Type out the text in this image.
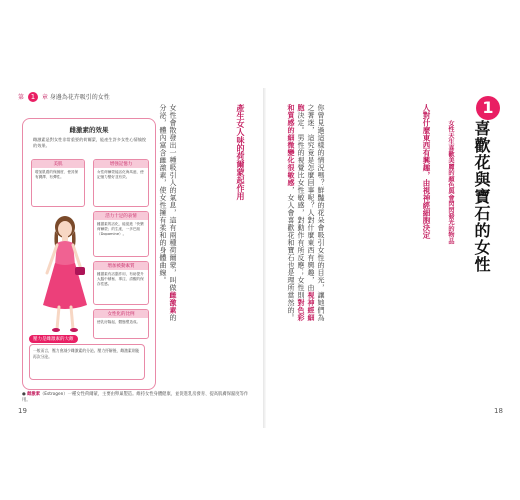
第 1 章 身邊為花卉吸引的女性
雌激素的效果
雌激素是對女性非常重要的荷爾蒙，能產生許多女性心情愉悅的效果。
美肌
增加肌膚的保濕度、使其保有潤澤、有彈性。
增強記憶力
女性荷爾蒙能活化海馬迴，使記憶力變好並有效。
活力十足的表情
雌激素的活化，能促進「快樂荷爾蒙」的生產，一多巴胺（Dopamine）。
增加被動素質
雌激素有活腦作用，有助提升大腦中積極、專注、清醒的保存性感。
女性化的比例
使乳房隆起，體態塑造成。
一般而言，壓力會減少雌激素的分泌。壓力抒解後，雌激素則能再次分泌。
壓力是雌激素的大敵
產生女人味的荷爾蒙起作用
女性會散發出一種吸引人的氣息，這有兩種荷爾蒙，叫做雌激素的分泌，體內富含雌激素，使女性擁有柔和的身體曲線。	1
喜歡花與寶石的女性
女性天生喜歡美麗的顏色與會閃閃發光的物品
人對什麼東西有興趣，由視神經細胞決定
你曾見過這樣的情況嗎？鮮豔的花朵會吸引女性的目光，讓她們為之著迷，這究竟是怎麼回事呢？人對什麼東西有興趣，由視神經細胞決定。男性的視覺比女性敏感，對動作有所反應；女性則對色彩和質感的細微變化很敏感，女人會喜歡花和寶石也是理所當然的。
● 雌激素（Estrogen）一種女性荷爾蒙，主要由卵巢製造。維持女性身體健康，並促進乳房發育、提高肌膚保濕度等作用。
19	18
